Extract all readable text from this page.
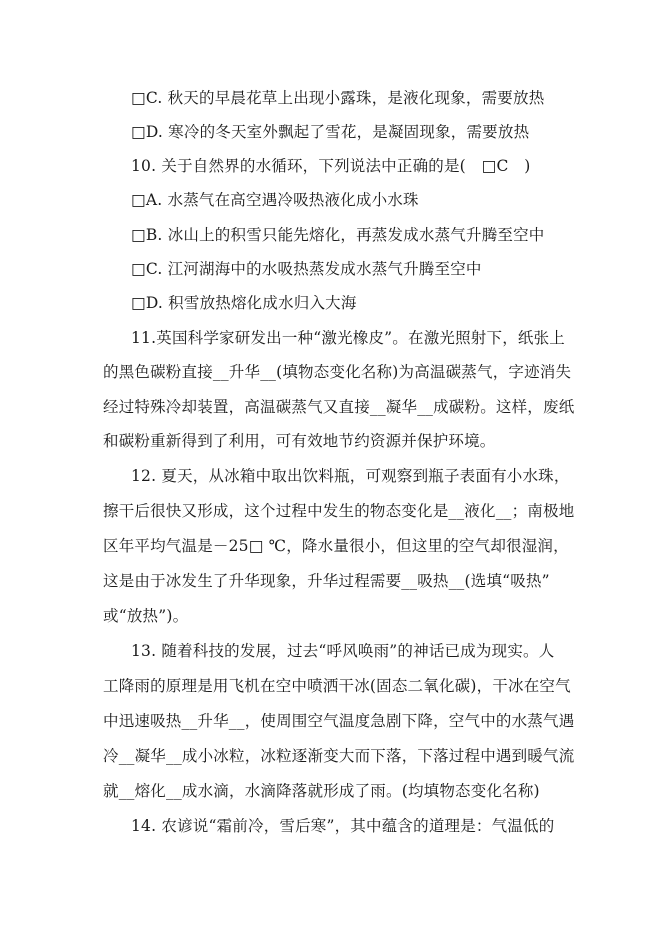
□C. 秋天的早晨花草上出现小露珠，是液化现象，需要放热
□D. 寒冷的冬天室外飘起了雪花，是凝固现象，需要放热
10. 关于自然界的水循环，下列说法中正确的是(　□C　)
□A. 水蒸气在高空遇冷吸热液化成小水珠
□B. 冰山上的积雪只能先熔化，再蒸发成水蒸气升腾至空中
□C. 江河湖海中的水吸热蒸发成水蒸气升腾至空中
□D. 积雪放热熔化成水归入大海
11.英国科学家研发出一种“激光橡皮”。在激光照射下，纸张上
的黑色碳粉直接__升华__(填物态变化名称)为高温碳蒸气，字迹消失
经过特殊冷却装置，高温碳蒸气又直接__凝华__成碳粉。这样，废纸
和碳粉重新得到了利用，可有效地节约资源并保护环境。
12. 夏天，从冰箱中取出饮料瓶，可观察到瓶子表面有小水珠，
擦干后很快又形成，这个过程中发生的物态变化是__液化__；南极地
区年平均气温是－25□ ℃，降水量很小，但这里的空气却很湿润，
这是由于冰发生了升华现象，升华过程需要__吸热__(选填“吸热”
或“放热”)。
13. 随着科技的发展，过去“呼风唤雨”的神话已成为现实。人
工降雨的原理是用飞机在空中喷洒干冰(固态二氧化碳)，干冰在空气
中迅速吸热__升华__，使周围空气温度急剧下降，空气中的水蒸气遇
冷__凝华__成小冰粒，冰粒逐渐变大而下落，下落过程中遇到暖气流
就__熔化__成水滴，水滴降落就形成了雨。(均填物态变化名称)
14. 农谚说“霜前冷，雪后寒”，其中蕴含的道理是：气温低的
